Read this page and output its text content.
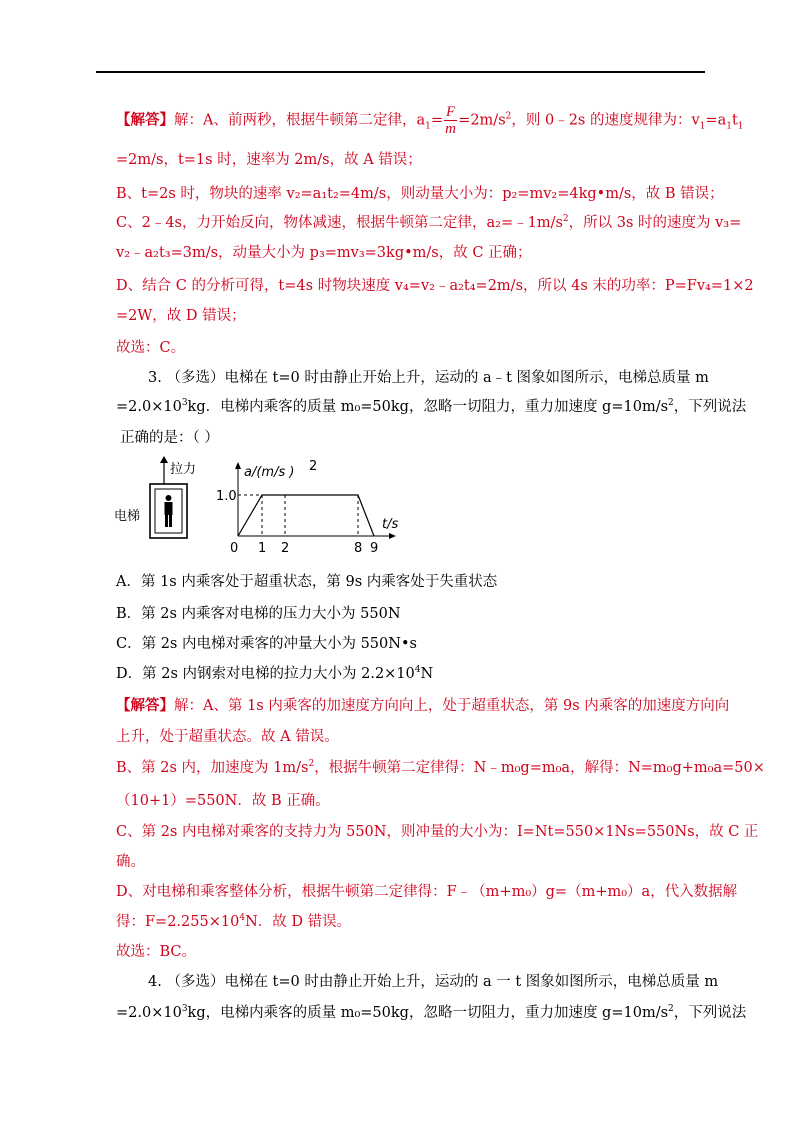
【解答】解：A、前两秒，根据牛顿第二定律，$a_1= \frac{F}{m} =2m/s^2$，则 0﹣2s 的速度规律为：$v_1=a_1t_1$
=2m/s，t=1s 时，速率为 2m/s，故 A 错误；
B、t=2s 时，物块的速率 v₂=a₁t₂=4m/s，则动量大小为：p₂=mv₂=4kg•m/s，故 B 错误；
C、2﹣4s，力开始反向，物体减速，根据牛顿第二定律，$a_2=﹣1m/s^2$，所以 3s 时的速度为 v₃=
v₂﹣a₂t₃=3m/s，动量大小为 p₃=mv₃=3kg•m/s，故 C 正确；
D、结合 C 的分析可得，t=4s 时物块速度 v₄=v₂﹣a₂t₄=2m/s，所以 4s 末的功率：P=Fv₄=1×2
=2W，故 D 错误；
故选：C。
3. （多选）电梯在 t=0 时由静止开始上升，运动的 a﹣t 图象如图所示，电梯总质量 m
$=2.0\times 10^3kg$．电梯内乘客的质量 m₀=50kg，忽略一切阻力，重力加速度 $g=10m/s^2$，下列说法
正确的是：（ ）
拉力
电梯
a/(m/s ) 2
t/s
1.0
0 1 2	8 9
A．第 1s 内乘客处于超重状态，第 9s 内乘客处于失重状态
B．第 2s 内乘客对电梯的压力大小为 550N
C．第 2s 内电梯对乘客的冲量大小为 550N•s
D．第 2s 内钢索对电梯的拉力大小为 $2.2\times 10^4N$
【解答】解：A、第 1s 内乘客的加速度方向向上，处于超重状态，第 9s 内乘客的加速度方向向
上升，处于超重状态。故 A 错误。
B、第 2s 内，加速度为 $1m/s^2$，根据牛顿第二定律得：N﹣m₀g=m₀a，解得：N=m₀g+m₀a=50×
（10+1）=550N．故 B 正确。
C、第 2s 内电梯对乘客的支持力为 550N，则冲量的大小为：I=Nt=550×1Ns=550Ns，故 C 正
确。
D、对电梯和乘客整体分析，根据牛顿第二定律得：F﹣（m+m₀）g=（m+m₀）a，代入数据解
得：$F=2.255\times 10^4N$．故 D 错误。
故选：BC。
4. （多选）电梯在 t=0 时由静止开始上升，运动的 a 一 t 图象如图所示，电梯总质量 m
$=2.0\times 10^3kg$，电梯内乘客的质量 m₀=50kg，忽略一切阻力，重力加速度 $g=10m/s^2$，下列说法
